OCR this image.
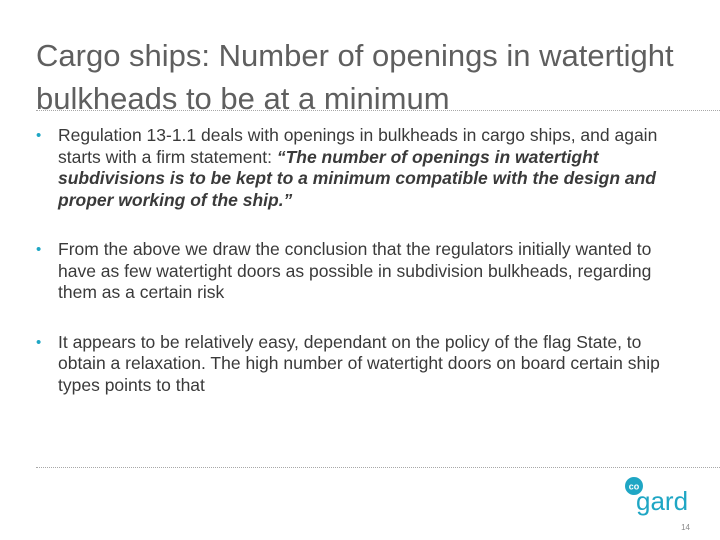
Cargo ships: Number of openings in watertight bulkheads to be at a minimum

• Regulation 13-1.1 deals with openings in bulkheads in cargo ships, and again starts with a firm statement: “The number of openings in watertight subdivisions is to be kept to a minimum compatible with the design and proper working of the ship.”

• From the above we draw the conclusion that the regulators initially wanted to have as few watertight doors as possible in subdivision bulkheads, regarding them as a certain risk

• It appears to be relatively easy, dependant on the policy of the flag State, to obtain a relaxation. The high number of watertight doors on board certain ship types points to that

co
gard
14
